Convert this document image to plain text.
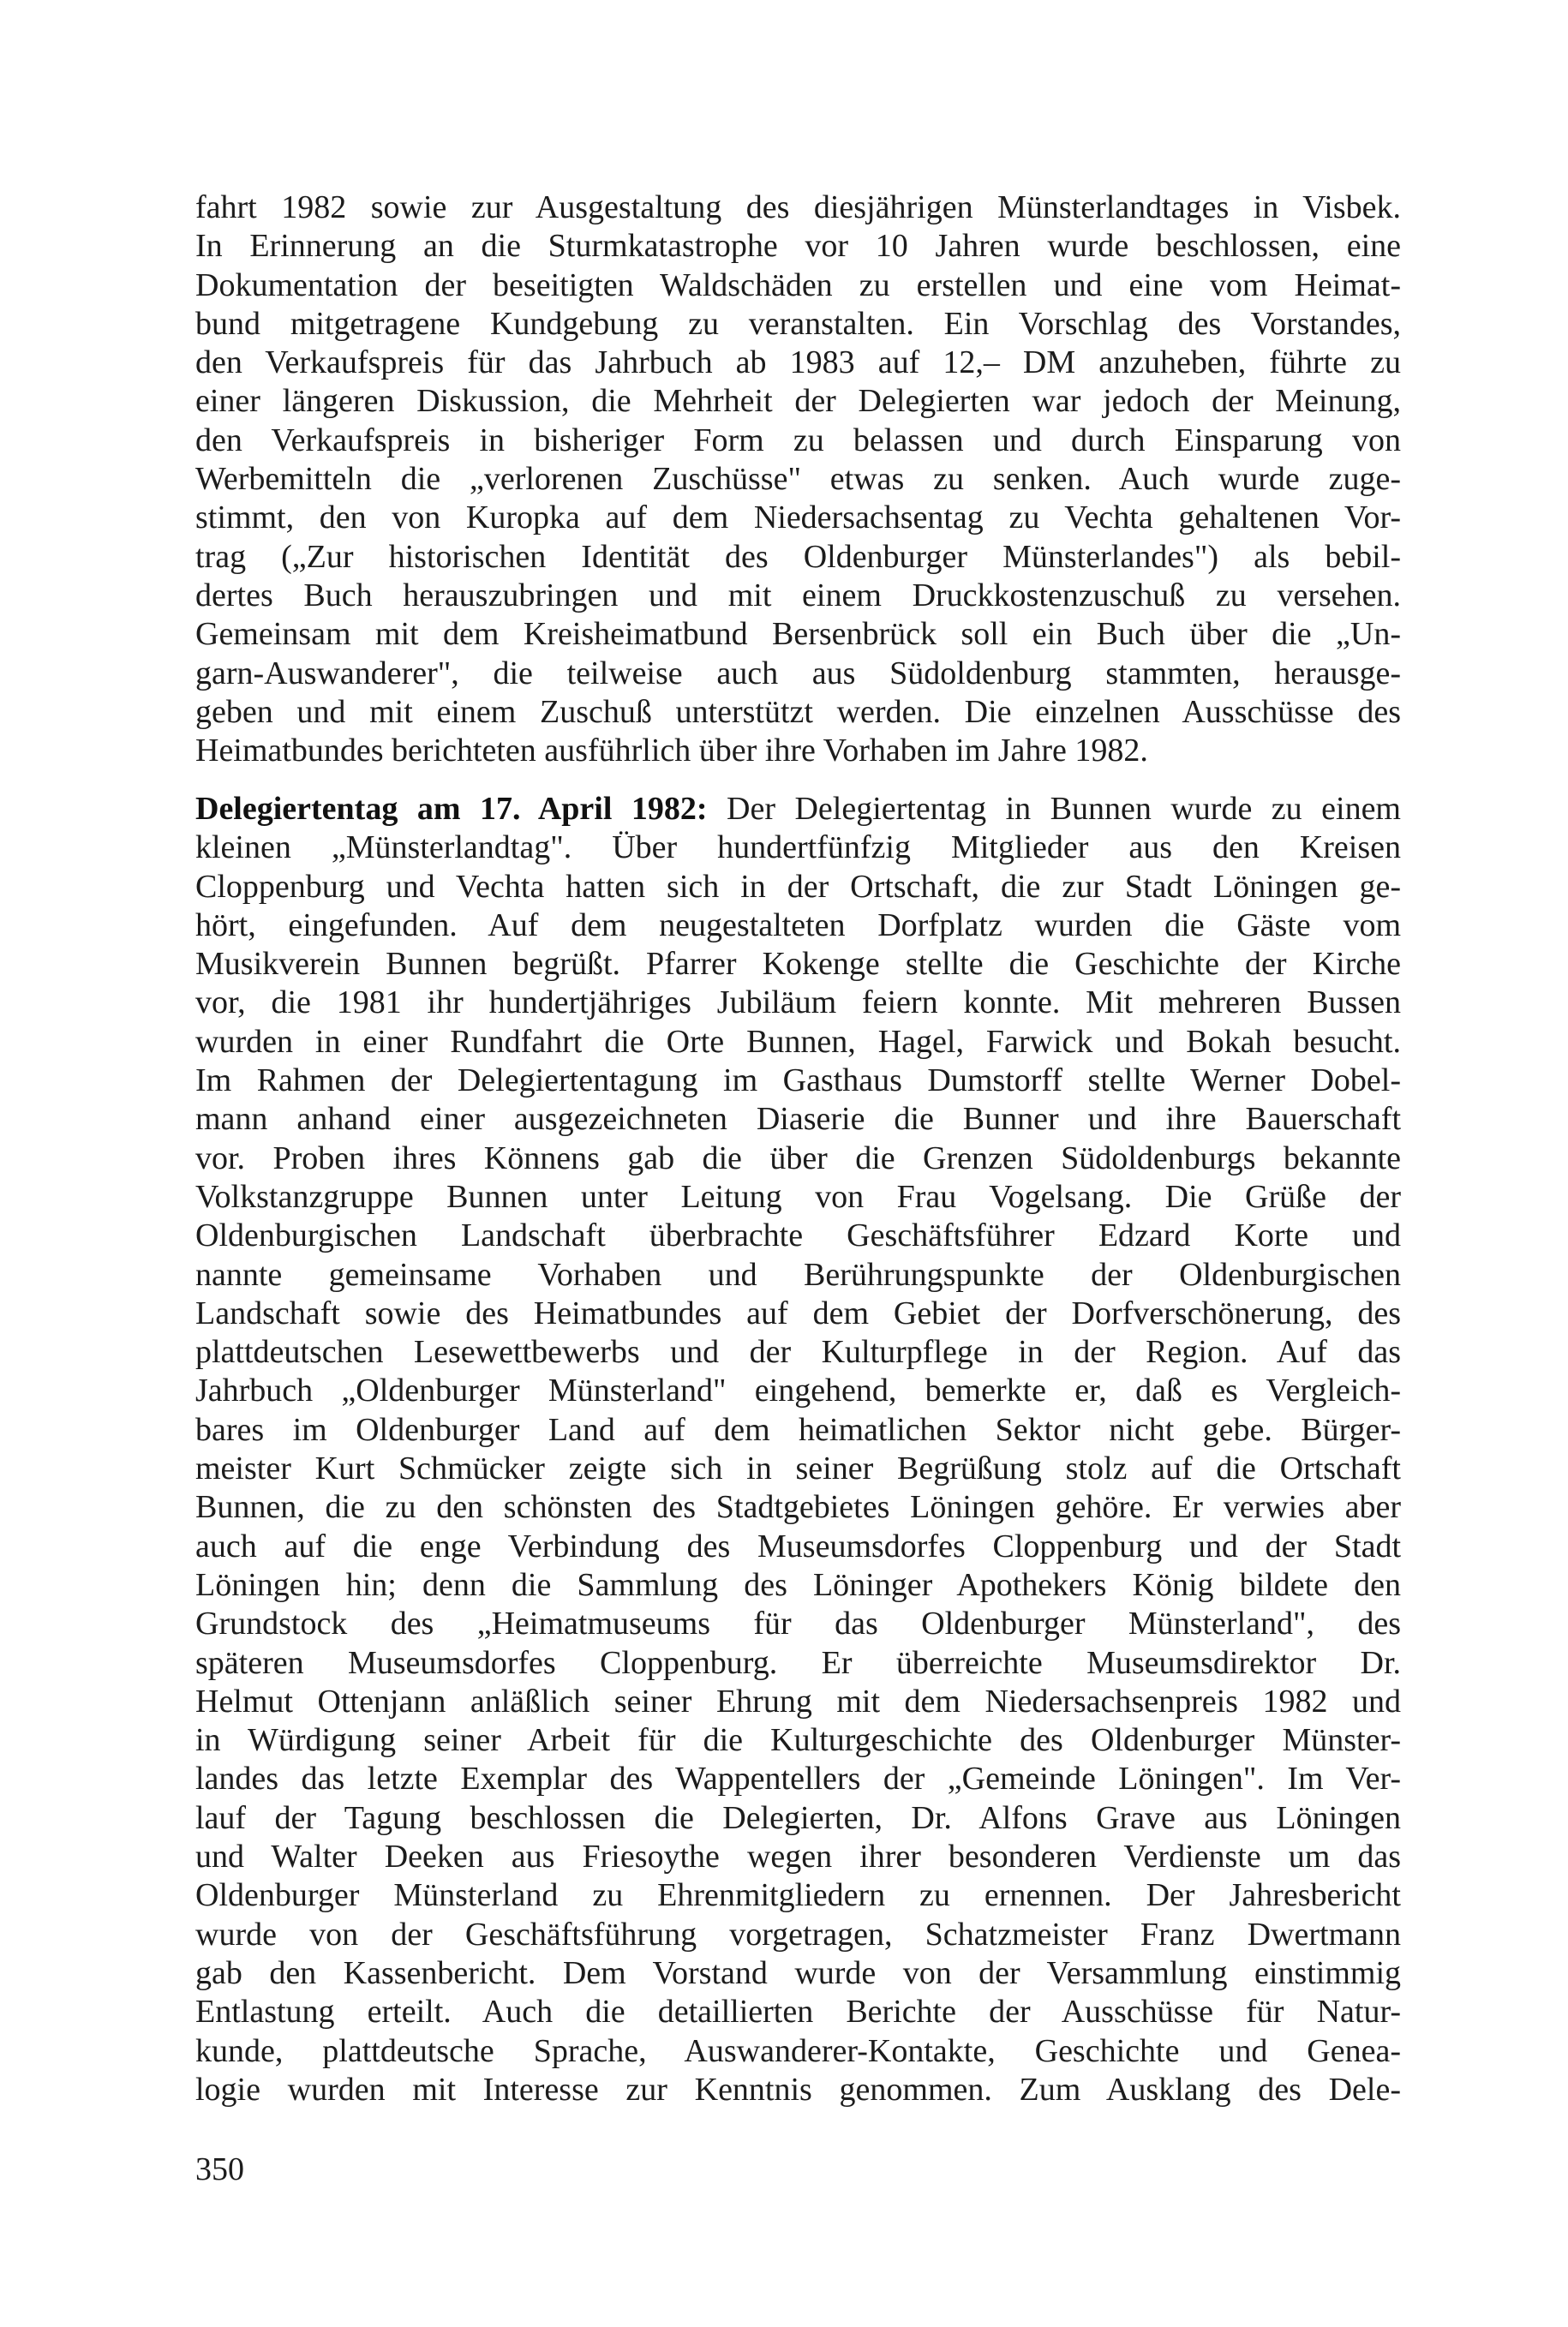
fahrt 1982 sowie zur Ausgestaltung des diesjährigen Münsterlandtages in Visbek.
In Erinnerung an die Sturmkatastrophe vor 10 Jahren wurde beschlossen, eine
Dokumentation der beseitigten Waldschäden zu erstellen und eine vom Heimat-
bund mitgetragene Kundgebung zu veranstalten. Ein Vorschlag des Vorstandes,
den Verkaufspreis für das Jahrbuch ab 1983 auf 12,– DM anzuheben, führte zu
einer längeren Diskussion, die Mehrheit der Delegierten war jedoch der Meinung,
den Verkaufspreis in bisheriger Form zu belassen und durch Einsparung von
Werbemitteln die „verlorenen Zuschüsse" etwas zu senken. Auch wurde zuge-
stimmt, den von Kuropka auf dem Niedersachsentag zu Vechta gehaltenen Vor-
trag („Zur historischen Identität des Oldenburger Münsterlandes") als bebil-
dertes Buch herauszubringen und mit einem Druckkostenzuschuß zu versehen.
Gemeinsam mit dem Kreisheimatbund Bersenbrück soll ein Buch über die „Un-
garn-Auswanderer", die teilweise auch aus Südoldenburg stammten, herausge-
geben und mit einem Zuschuß unterstützt werden. Die einzelnen Ausschüsse des
Heimatbundes berichteten ausführlich über ihre Vorhaben im Jahre 1982.
Delegiertentag am 17. April 1982: Der Delegiertentag in Bunnen wurde zu einem
kleinen „Münsterlandtag". Über hundertfünfzig Mitglieder aus den Kreisen
Cloppenburg und Vechta hatten sich in der Ortschaft, die zur Stadt Löningen ge-
hört, eingefunden. Auf dem neugestalteten Dorfplatz wurden die Gäste vom
Musikverein Bunnen begrüßt. Pfarrer Kokenge stellte die Geschichte der Kirche
vor, die 1981 ihr hundertjähriges Jubiläum feiern konnte. Mit mehreren Bussen
wurden in einer Rundfahrt die Orte Bunnen, Hagel, Farwick und Bokah besucht.
Im Rahmen der Delegiertentagung im Gasthaus Dumstorff stellte Werner Dobel-
mann anhand einer ausgezeichneten Diaserie die Bunner und ihre Bauerschaft
vor. Proben ihres Könnens gab die über die Grenzen Südoldenburgs bekannte
Volkstanzgruppe Bunnen unter Leitung von Frau Vogelsang. Die Grüße der
Oldenburgischen Landschaft überbrachte Geschäftsführer Edzard Korte und
nannte gemeinsame Vorhaben und Berührungspunkte der Oldenburgischen
Landschaft sowie des Heimatbundes auf dem Gebiet der Dorfverschönerung, des
plattdeutschen Lesewettbewerbs und der Kulturpflege in der Region. Auf das
Jahrbuch „Oldenburger Münsterland" eingehend, bemerkte er, daß es Vergleich-
bares im Oldenburger Land auf dem heimatlichen Sektor nicht gebe. Bürger-
meister Kurt Schmücker zeigte sich in seiner Begrüßung stolz auf die Ortschaft
Bunnen, die zu den schönsten des Stadtgebietes Löningen gehöre. Er verwies aber
auch auf die enge Verbindung des Museumsdorfes Cloppenburg und der Stadt
Löningen hin; denn die Sammlung des Löninger Apothekers König bildete den
Grundstock des „Heimatmuseums für das Oldenburger Münsterland", des
späteren Museumsdorfes Cloppenburg. Er überreichte Museumsdirektor Dr.
Helmut Ottenjann anläßlich seiner Ehrung mit dem Niedersachsenpreis 1982 und
in Würdigung seiner Arbeit für die Kulturgeschichte des Oldenburger Münster-
landes das letzte Exemplar des Wappentellers der „Gemeinde Löningen". Im Ver-
lauf der Tagung beschlossen die Delegierten, Dr. Alfons Grave aus Löningen
und Walter Deeken aus Friesoythe wegen ihrer besonderen Verdienste um das
Oldenburger Münsterland zu Ehrenmitgliedern zu ernennen. Der Jahresbericht
wurde von der Geschäftsführung vorgetragen, Schatzmeister Franz Dwertmann
gab den Kassenbericht. Dem Vorstand wurde von der Versammlung einstimmig
Entlastung erteilt. Auch die detaillierten Berichte der Ausschüsse für Natur-
kunde, plattdeutsche Sprache, Auswanderer-Kontakte, Geschichte und Genea-
logie wurden mit Interesse zur Kenntnis genommen. Zum Ausklang des Dele-
350
